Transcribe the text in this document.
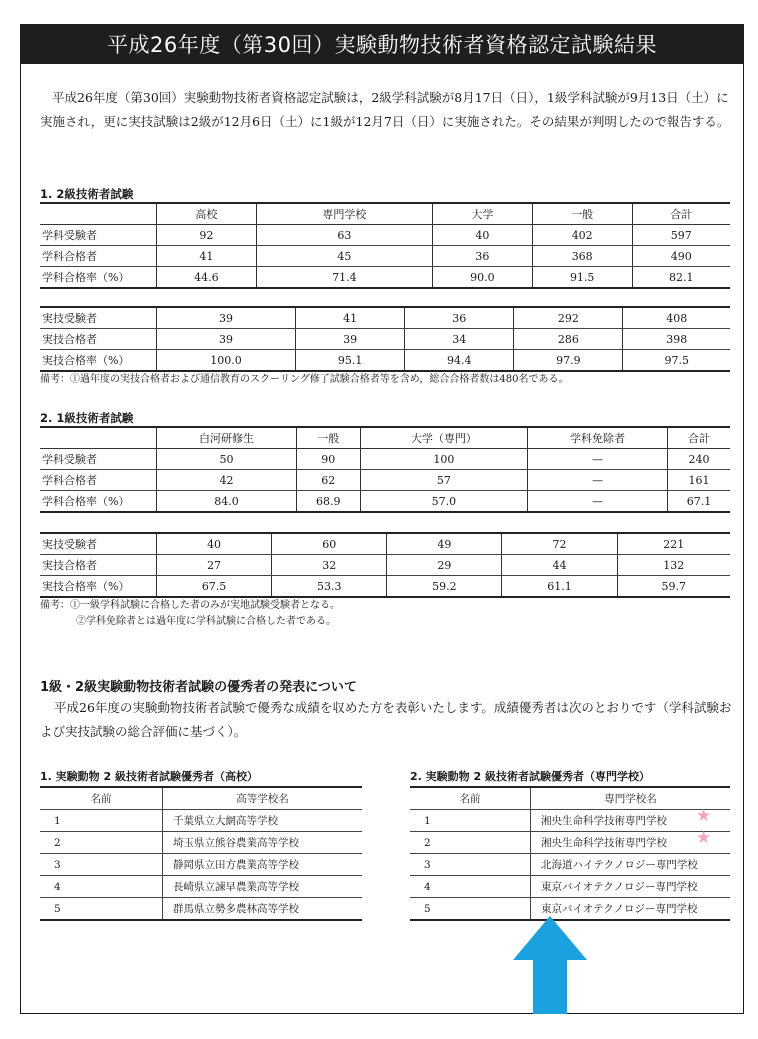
平成26年度（第30回）実験動物技術者資格認定試験結果
平成26年度（第30回）実験動物技術者資格認定試験は，2級学科試験が8月17日（日），1級学科試験が9月13日（土）に実施され，更に実技試験は2級が12月6日（土）に1級が12月7日（日）に実施された。その結果が判明したので報告する。
1. 2級技術者試験
	高校	専門学校	大学	一般	合計
学科受験者	92	63	40	402	597
学科合格者	41	45	36	368	490
学科合格率（%）	44.6	71.4	90.0	91.5	82.1
実技受験者	39	41	36	292	408
実技合格者	39	39	34	286	398
実技合格率（%）	100.0	95.1	94.4	97.9	97.5
備考：①過年度の実技合格者および通信教育のスクーリング修了試験合格者等を含め，総合合格者数は480名である。
2. 1級技術者試験
	白河研修生	一般	大学（専門）	学科免除者	合計
学科受験者	50	90	100	—	240
学科合格者	42	62	57	—	161
学科合格率（%）	84.0	68.9	57.0	—	67.1
実技受験者	40	60	49	72	221
実技合格者	27	32	29	44	132
実技合格率（%）	67.5	53.3	59.2	61.1	59.7
備考：①一級学科試験に合格した者のみが実地試験受験者となる。
②学科免除者とは過年度に学科試験に合格した者である。
1級・2級実験動物技術者試験の優秀者の発表について
平成26年度の実験動物技術者試験で優秀な成績を収めた方を表彰いたします。成績優秀者は次のとおりです（学科試験および実技試験の総合評価に基づく）。
1. 実験動物 2 級技術者試験優秀者（高校）
名前	高等学校名
1	千葉県立大網高等学校
2	埼玉県立熊谷農業高等学校
3	静岡県立田方農業高等学校
4	長崎県立諫早農業高等学校
5	群馬県立勢多農林高等学校
2. 実験動物 2 級技術者試験優秀者（専門学校）
名前	専門学校名
1	湘央生命科学技術専門学校
2	湘央生命科学技術専門学校
3	北海道ハイテクノロジー専門学校
4	東京バイオテクノロジー専門学校
5	東京バイオテクノロジー専門学校
★
★
